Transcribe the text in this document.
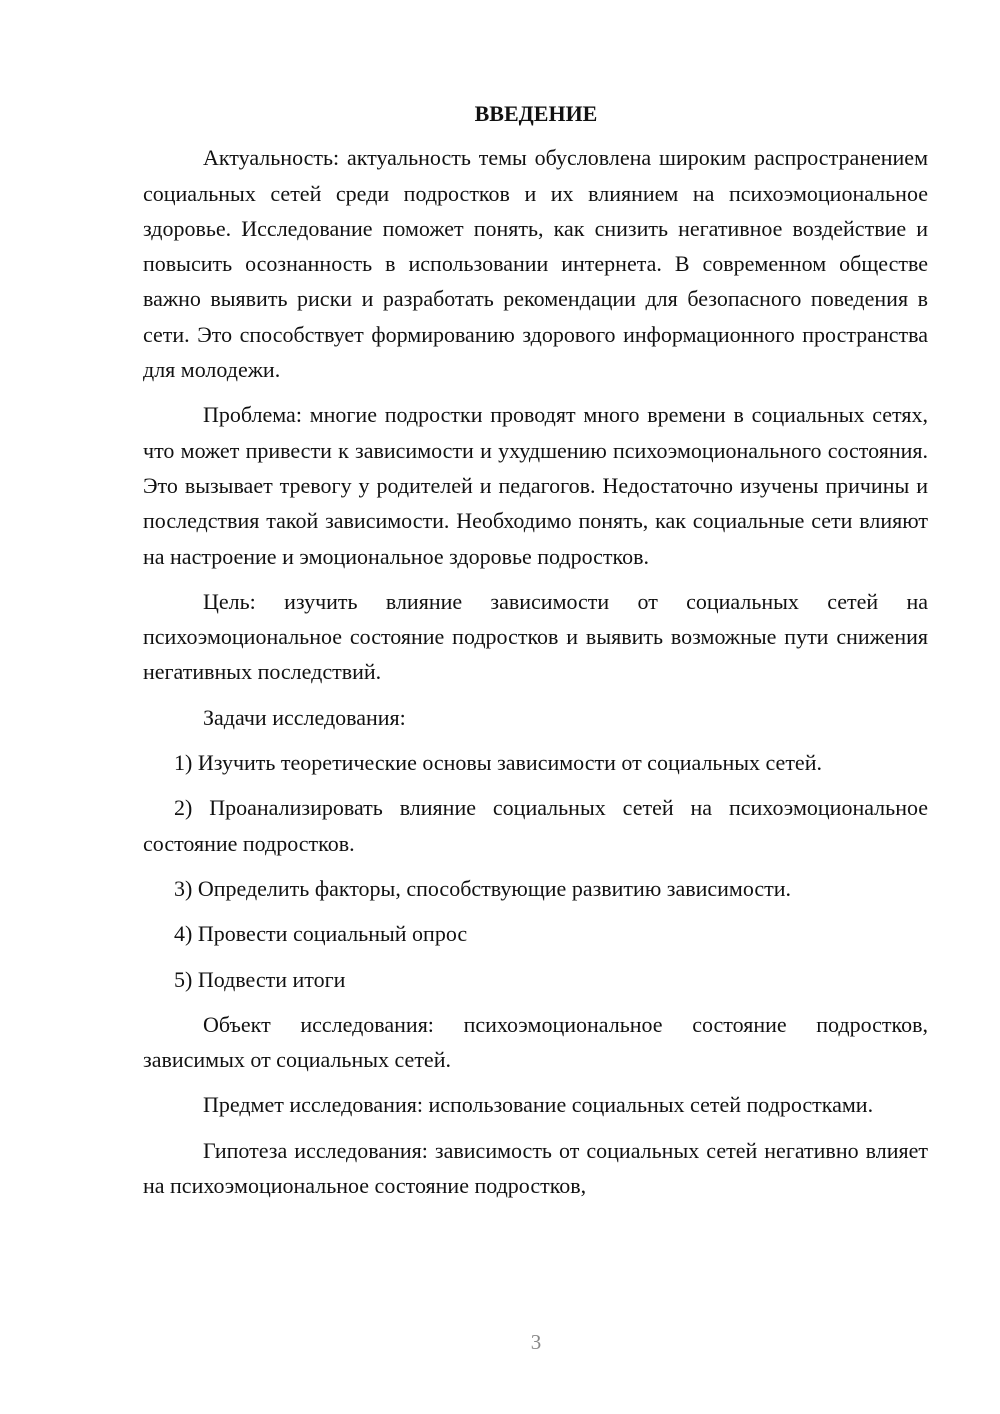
ВВЕДЕНИЕ

Актуальность: актуальность темы обусловлена широким распространением социальных сетей среди подростков и их влиянием на психоэмоциональное здоровье. Исследование поможет понять, как снизить негативное воздействие и повысить осознанность в использовании интернета. В современном обществе важно выявить риски и разработать рекомендации для безопасного поведения в сети. Это способствует формированию здорового информационного пространства для молодежи.

Проблема: многие подростки проводят много времени в социальных сетях, что может привести к зависимости и ухудшению психоэмоционального состояния. Это вызывает тревогу у родителей и педагогов. Недостаточно изучены причины и последствия такой зависимости. Необходимо понять, как социальные сети влияют на настроение и эмоциональное здоровье подростков.

Цель: изучить влияние зависимости от социальных сетей на психоэмоциональное состояние подростков и выявить возможные пути снижения негативных последствий.

Задачи исследования:

1) Изучить теоретические основы зависимости от социальных сетей.

2) Проанализировать влияние социальных сетей на психоэмоциональное состояние подростков.

3) Определить факторы, способствующие развитию зависимости.

4) Провести социальный опрос

5) Подвести итоги

Объект исследования: психоэмоциональное состояние подростков, зависимых от социальных сетей.

Предмет исследования: использование социальных сетей подростками.

Гипотеза исследования: зависимость от социальных сетей негативно влияет на психоэмоциональное состояние подростков,

3
